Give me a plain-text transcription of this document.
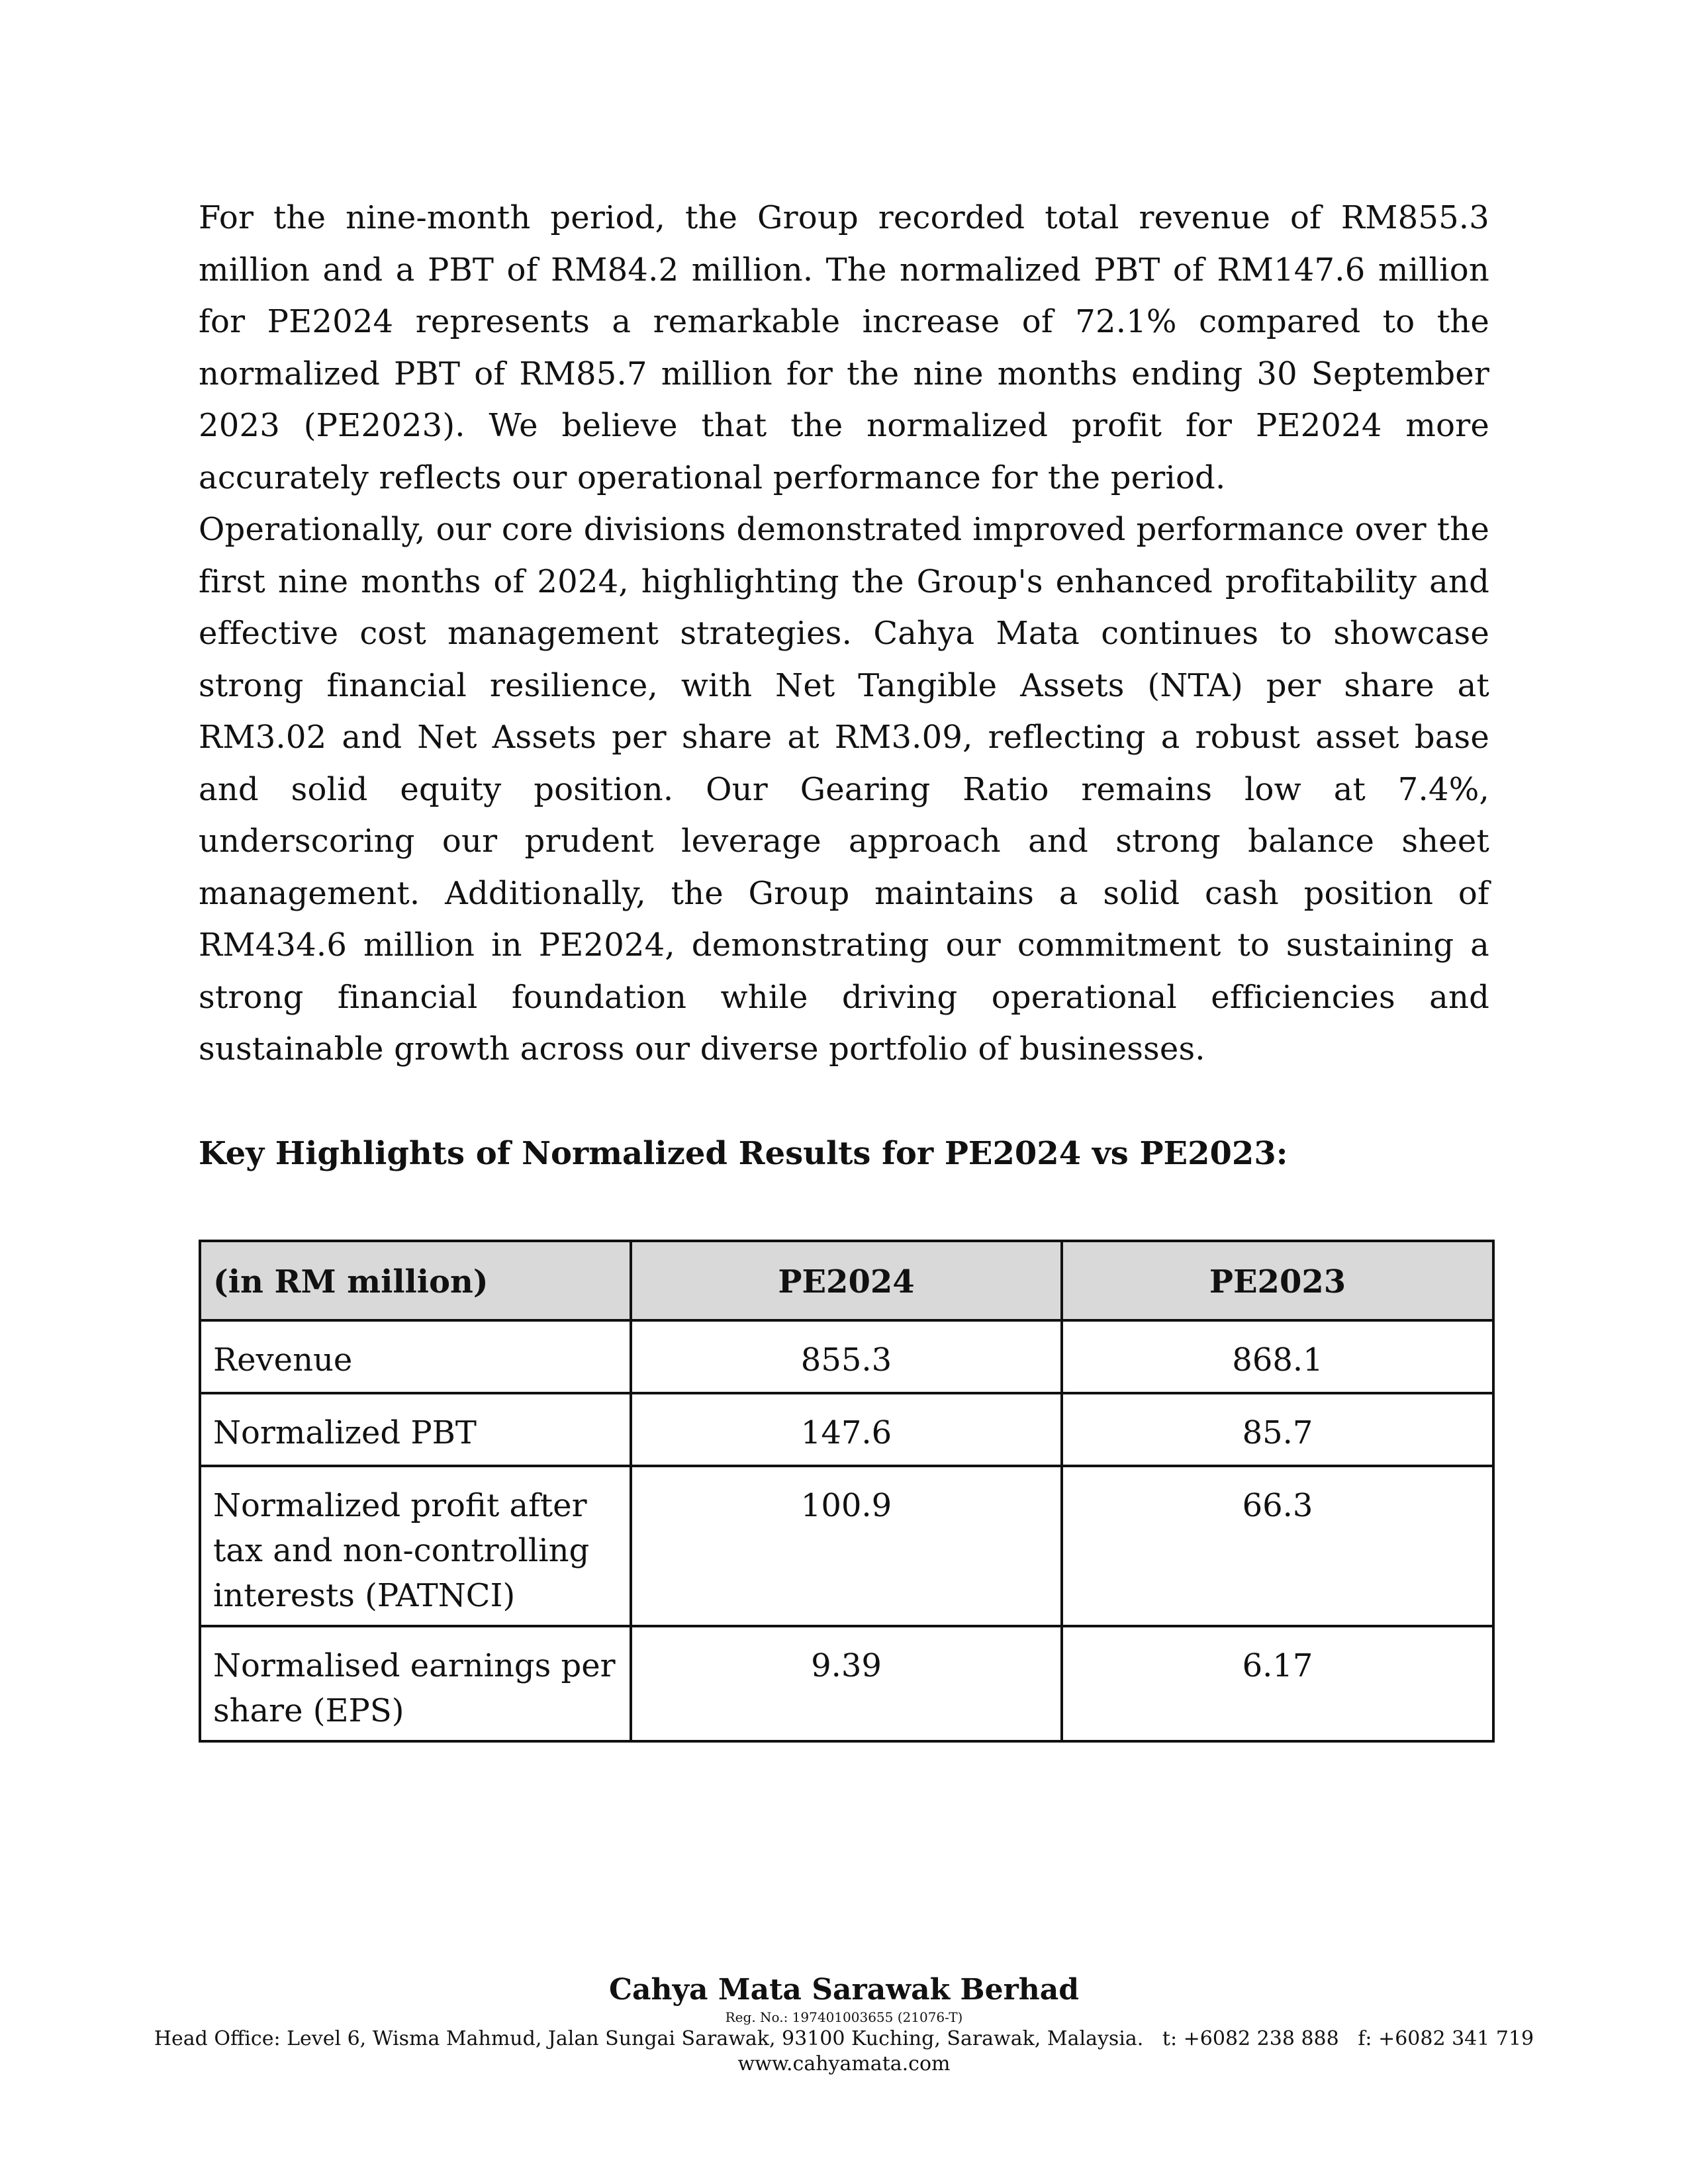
For the nine-month period, the Group recorded total revenue of RM855.3 million and a PBT of RM84.2 million. The normalized PBT of RM147.6 million for PE2024 represents a remarkable increase of 72.1% compared to the normalized PBT of RM85.7 million for the nine months ending 30 September 2023 (PE2023). We believe that the normalized profit for PE2024 more accurately reflects our operational performance for the period.

Operationally, our core divisions demonstrated improved performance over the first nine months of 2024, highlighting the Group's enhanced profitability and effective cost management strategies. Cahya Mata continues to showcase strong financial resilience, with Net Tangible Assets (NTA) per share at RM3.02 and Net Assets per share at RM3.09, reflecting a robust asset base and solid equity position. Our Gearing Ratio remains low at 7.4%, underscoring our prudent leverage approach and strong balance sheet management. Additionally, the Group maintains a solid cash position of RM434.6 million in PE2024, demonstrating our commitment to sustaining a strong financial foundation while driving operational efficiencies and sustainable growth across our diverse portfolio of businesses.

Key Highlights of Normalized Results for PE2024 vs PE2023:
(in RM million)	PE2024	PE2023
Revenue	855.3	868.1
Normalized PBT	147.6	85.7
Normalized profit after tax and non-controlling interests (PATNCI)	100.9	66.3
Normalised earnings per share (EPS)	9.39	6.17
Cahya Mata Sarawak Berhad
Reg. No.: 197401003655 (21076-T)
Head Office: Level 6, Wisma Mahmud, Jalan Sungai Sarawak, 93100 Kuching, Sarawak, Malaysia.   t: +6082 238 888   f: +6082 341 719
www.cahyamata.com
